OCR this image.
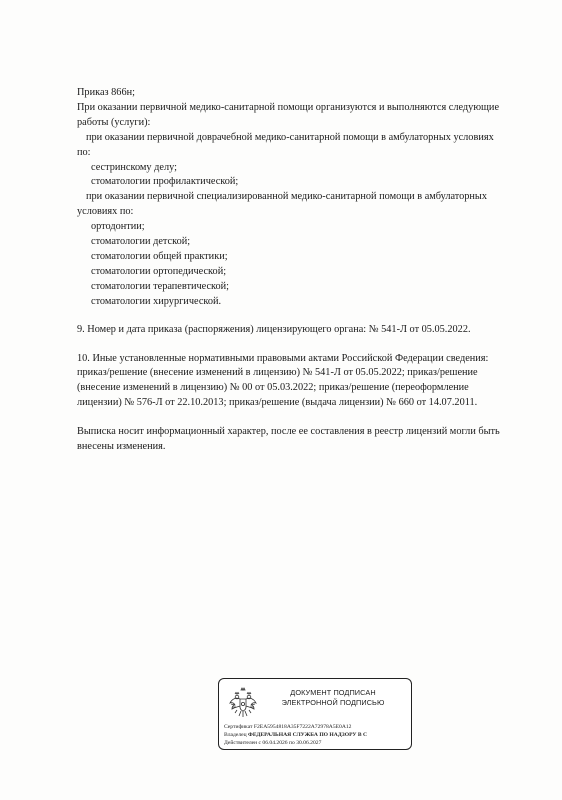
Приказ 866н;
При оказании первичной медико-санитарной помощи организуются и выполняются следующие
работы (услуги):
при оказании первичной доврачебной медико-санитарной помощи в амбулаторных условиях
по:
сестринскому делу;
стоматологии профилактической;
при оказании первичной специализированной медико-санитарной помощи в амбулаторных
условиях по:
ортодонтии;
стоматологии детской;
стоматологии общей практики;
стоматологии ортопедической;
стоматологии терапевтической;
стоматологии хирургической.
9. Номер и дата приказа (распоряжения) лицензирующего органа: № 541-Л от 05.05.2022.
10. Иные установленные нормативными правовыми актами Российской Федерации сведения:
приказ/решение (внесение изменений в лицензию) № 541-Л от 05.05.2022; приказ/решение
(внесение изменений в лицензию) № 00 от 05.03.2022; приказ/решение (переоформление
лицензии) № 576-Л от 22.10.2013; приказ/решение (выдача лицензии) № 660 от 14.07.2011.
Выписка носит информационный характер, после ее составления в реестр лицензий могли быть
внесены изменения.
ДОКУМЕНТ ПОДПИСАН
ЭЛЕКТРОННОЙ ПОДПИСЬЮ
Сертификат F2EA5954818A35F7222A72978A5E0A12
Владелец ФЕДЕРАЛЬНАЯ СЛУЖБА ПО НАДЗОРУ В С
Действителен с 06.04.2026 по 30.06.2027
